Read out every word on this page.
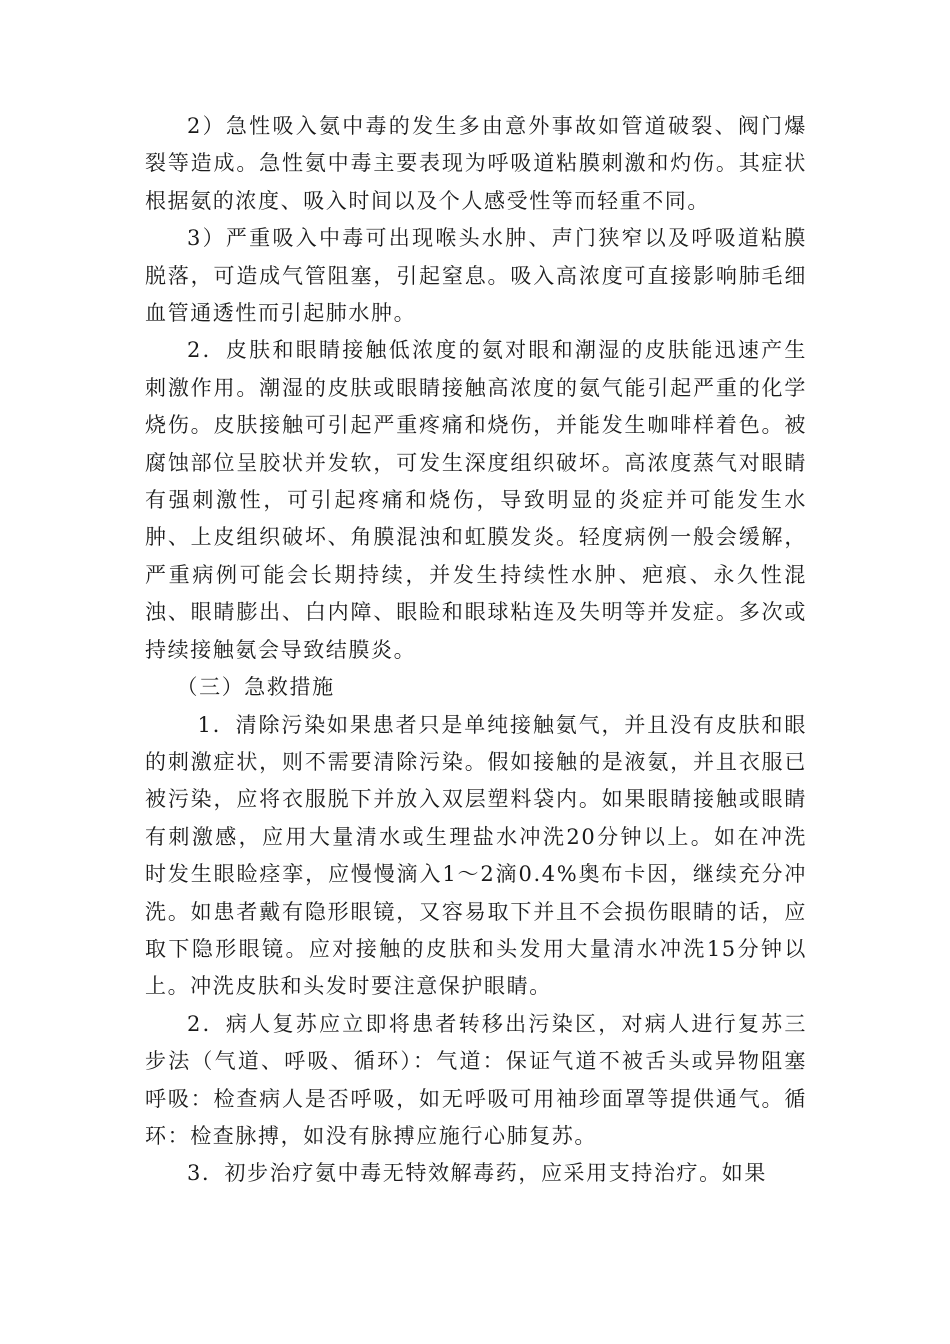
2）急性吸入氨中毒的发生多由意外事故如管道破裂、阀门爆裂等造成。急性氨中毒主要表现为呼吸道粘膜刺激和灼伤。其症状根据氨的浓度、吸入时间以及个人感受性等而轻重不同。

3）严重吸入中毒可出现喉头水肿、声门狭窄以及呼吸道粘膜脱落，可造成气管阻塞，引起窒息。吸入高浓度可直接影响肺毛细血管通透性而引起肺水肿。

2．皮肤和眼睛接触低浓度的氨对眼和潮湿的皮肤能迅速产生刺激作用。潮湿的皮肤或眼睛接触高浓度的氨气能引起严重的化学烧伤。皮肤接触可引起严重疼痛和烧伤，并能发生咖啡样着色。被腐蚀部位呈胶状并发软，可发生深度组织破坏。高浓度蒸气对眼睛有强刺激性，可引起疼痛和烧伤，导致明显的炎症并可能发生水肿、上皮组织破坏、角膜混浊和虹膜发炎。轻度病例一般会缓解，严重病例可能会长期持续，并发生持续性水肿、疤痕、永久性混浊、眼睛膨出、白内障、眼睑和眼球粘连及失明等并发症。多次或持续接触氨会导致结膜炎。

（三）急救措施

1．清除污染如果患者只是单纯接触氨气，并且没有皮肤和眼的刺激症状，则不需要清除污染。假如接触的是液氨，并且衣服已被污染，应将衣服脱下并放入双层塑料袋内。如果眼睛接触或眼睛有刺激感，应用大量清水或生理盐水冲洗20分钟以上。如在冲洗时发生眼睑痉挛，应慢慢滴入1～2滴0.4%奥布卡因，继续充分冲洗。如患者戴有隐形眼镜，又容易取下并且不会损伤眼睛的话，应取下隐形眼镜。应对接触的皮肤和头发用大量清水冲洗15分钟以上。冲洗皮肤和头发时要注意保护眼睛。

2．病人复苏应立即将患者转移出污染区，对病人进行复苏三步法（气道、呼吸、循环）：气道：保证气道不被舌头或异物阻塞呼吸：检查病人是否呼吸，如无呼吸可用袖珍面罩等提供通气。循环：检查脉搏，如没有脉搏应施行心肺复苏。

3．初步治疗氨中毒无特效解毒药，应采用支持治疗。如果
